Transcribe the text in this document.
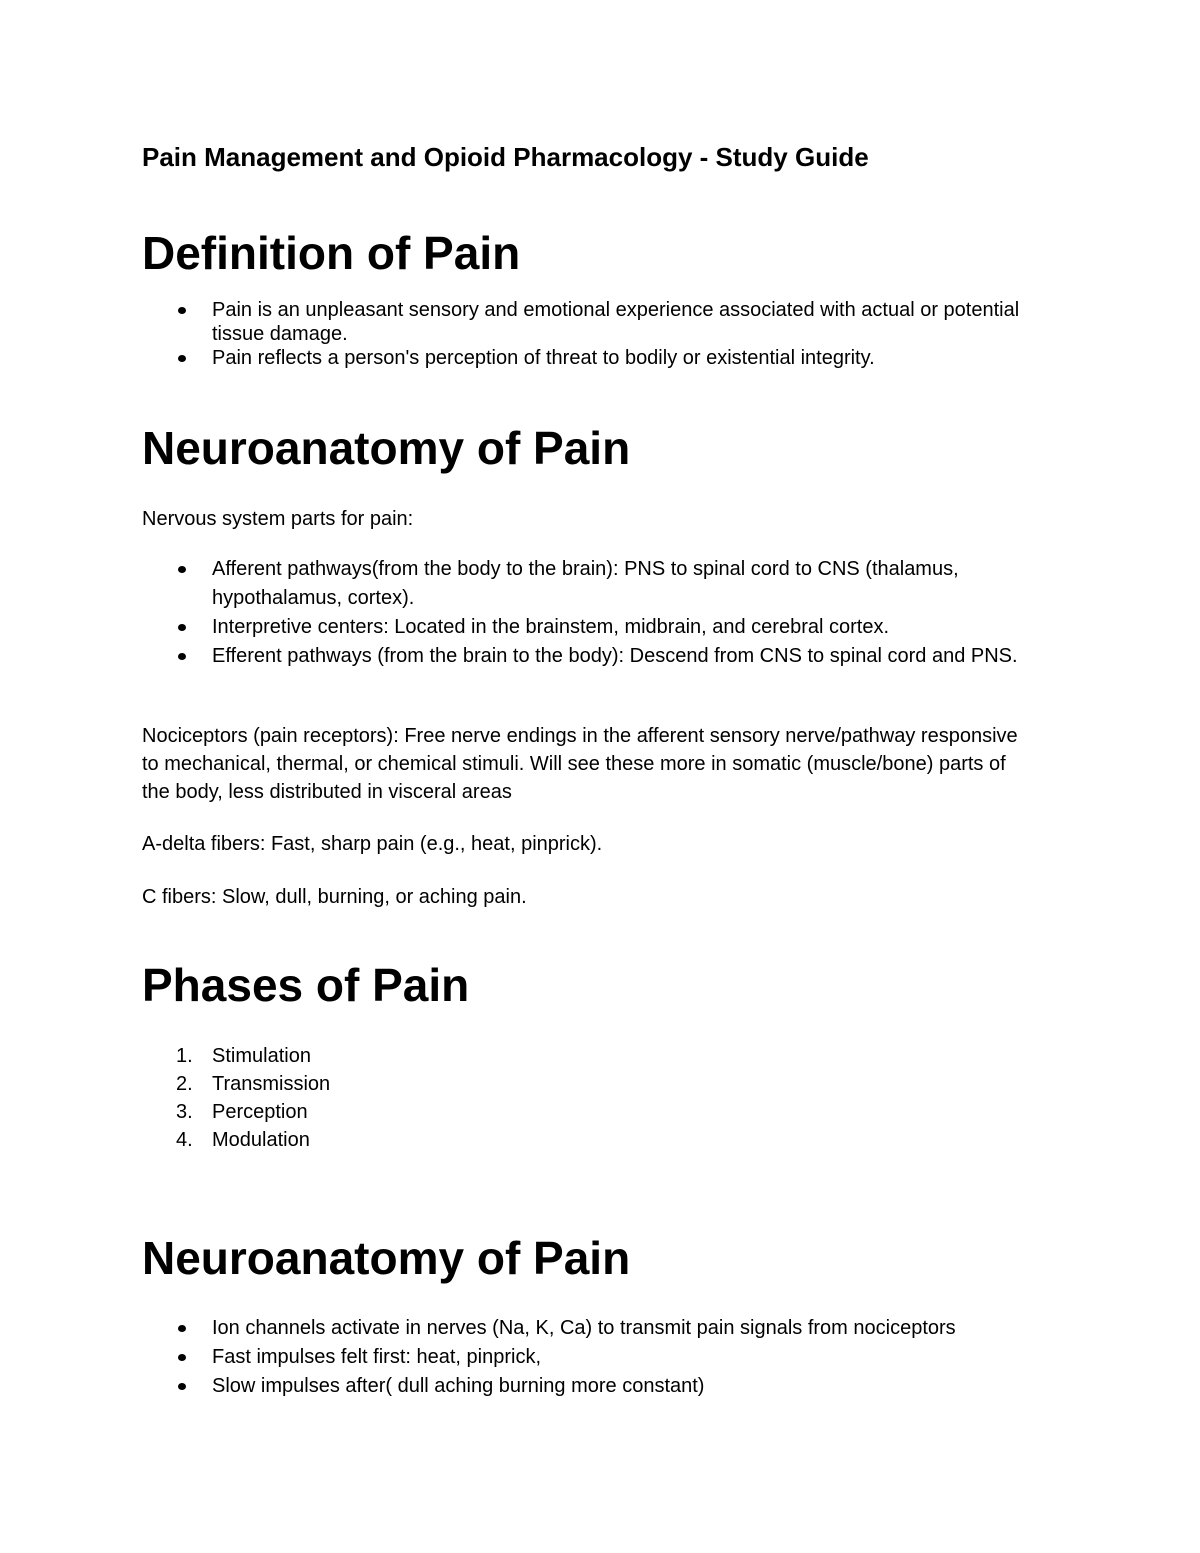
Pain Management and Opioid Pharmacology - Study Guide
Definition of Pain
Pain is an unpleasant sensory and emotional experience associated with actual or potential tissue damage.
Pain reflects a person's perception of threat to bodily or existential integrity.
Neuroanatomy of Pain
Nervous system parts for pain:
Afferent pathways(from the body to the brain): PNS to spinal cord to CNS (thalamus, hypothalamus, cortex).
Interpretive centers: Located in the brainstem, midbrain, and cerebral cortex.
Efferent pathways (from the brain to the body): Descend from CNS to spinal cord and PNS.
Nociceptors (pain receptors): Free nerve endings in the afferent sensory nerve/pathway responsive to mechanical, thermal, or chemical stimuli. Will see these more in somatic (muscle/bone) parts of the body, less distributed in visceral areas
A-delta fibers: Fast, sharp pain (e.g., heat, pinprick).
C fibers: Slow, dull, burning, or aching pain.
Phases of Pain
1. Stimulation
2. Transmission
3. Perception
4. Modulation
Neuroanatomy of Pain
Ion channels activate in nerves (Na, K, Ca) to transmit pain signals from nociceptors
Fast impulses felt first: heat, pinprick,
Slow impulses after( dull aching burning more constant)
